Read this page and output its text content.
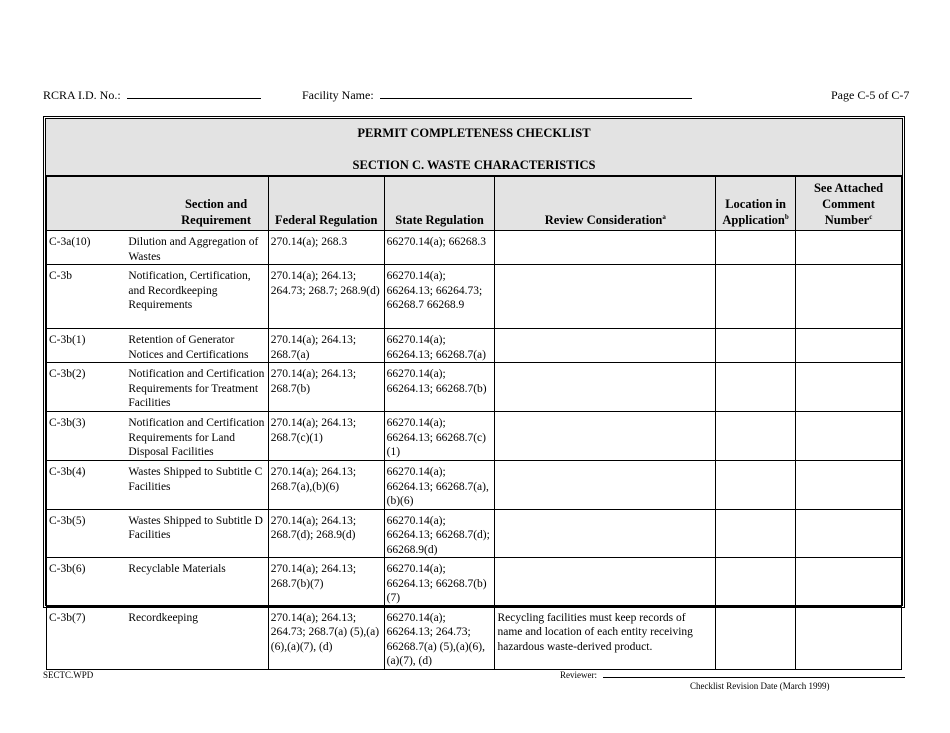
RCRA I.D. No.:	Facility Name:	Page C-5 of C-7
PERMIT COMPLETENESS CHECKLIST
SECTION C. WASTE CHARACTERISTICS
	Section and Requirement	Federal Regulation	State Regulation	Review Consideration$^a$	Location in Application$^b$	See Attached Comment Number$^c$
C-3a(10)	Dilution and Aggregation of Wastes	270.14(a); 268.3	66270.14(a); 66268.3			
C-3b	Notification, Certification, and Recordkeeping Requirements	270.14(a); 264.13; 264.73; 268.7; 268.9(d)	66270.14(a); 66264.13; 66264.73; 66268.7 66268.9			
C-3b(1)	Retention of Generator Notices and Certifications	270.14(a); 264.13; 268.7(a)	66270.14(a); 66264.13; 66268.7(a)			
C-3b(2)	Notification and Certification Requirements for Treatment Facilities	270.14(a); 264.13; 268.7(b)	66270.14(a); 66264.13; 66268.7(b)			
C-3b(3)	Notification and Certification Requirements for Land Disposal Facilities	270.14(a); 264.13; 268.7(c)(1)	66270.14(a); 66264.13; 66268.7(c)(1)			
C-3b(4)	Wastes Shipped to Subtitle C Facilities	270.14(a); 264.13; 268.7(a),(b)(6)	66270.14(a); 66264.13; 66268.7(a),(b)(6)			
C-3b(5)	Wastes Shipped to Subtitle D Facilities	270.14(a); 264.13; 268.7(d); 268.9(d)	66270.14(a); 66264.13; 66268.7(d); 66268.9(d)			
C-3b(6)	Recyclable Materials	270.14(a); 264.13; 268.7(b)(7)	66270.14(a); 66264.13; 66268.7(b)(7)			
C-3b(7)	Recordkeeping	270.14(a); 264.13; 264.73; 268.7(a) (5),(a)(6),(a)(7), (d)	66270.14(a); 66264.13; 264.73; 66268.7(a) (5),(a)(6),(a)(7), (d)	Recycling facilities must keep records of name and location of each entity receiving hazardous waste-derived product.		
SECTC.WPD	Reviewer:
Checklist Revision Date (March 1999)
